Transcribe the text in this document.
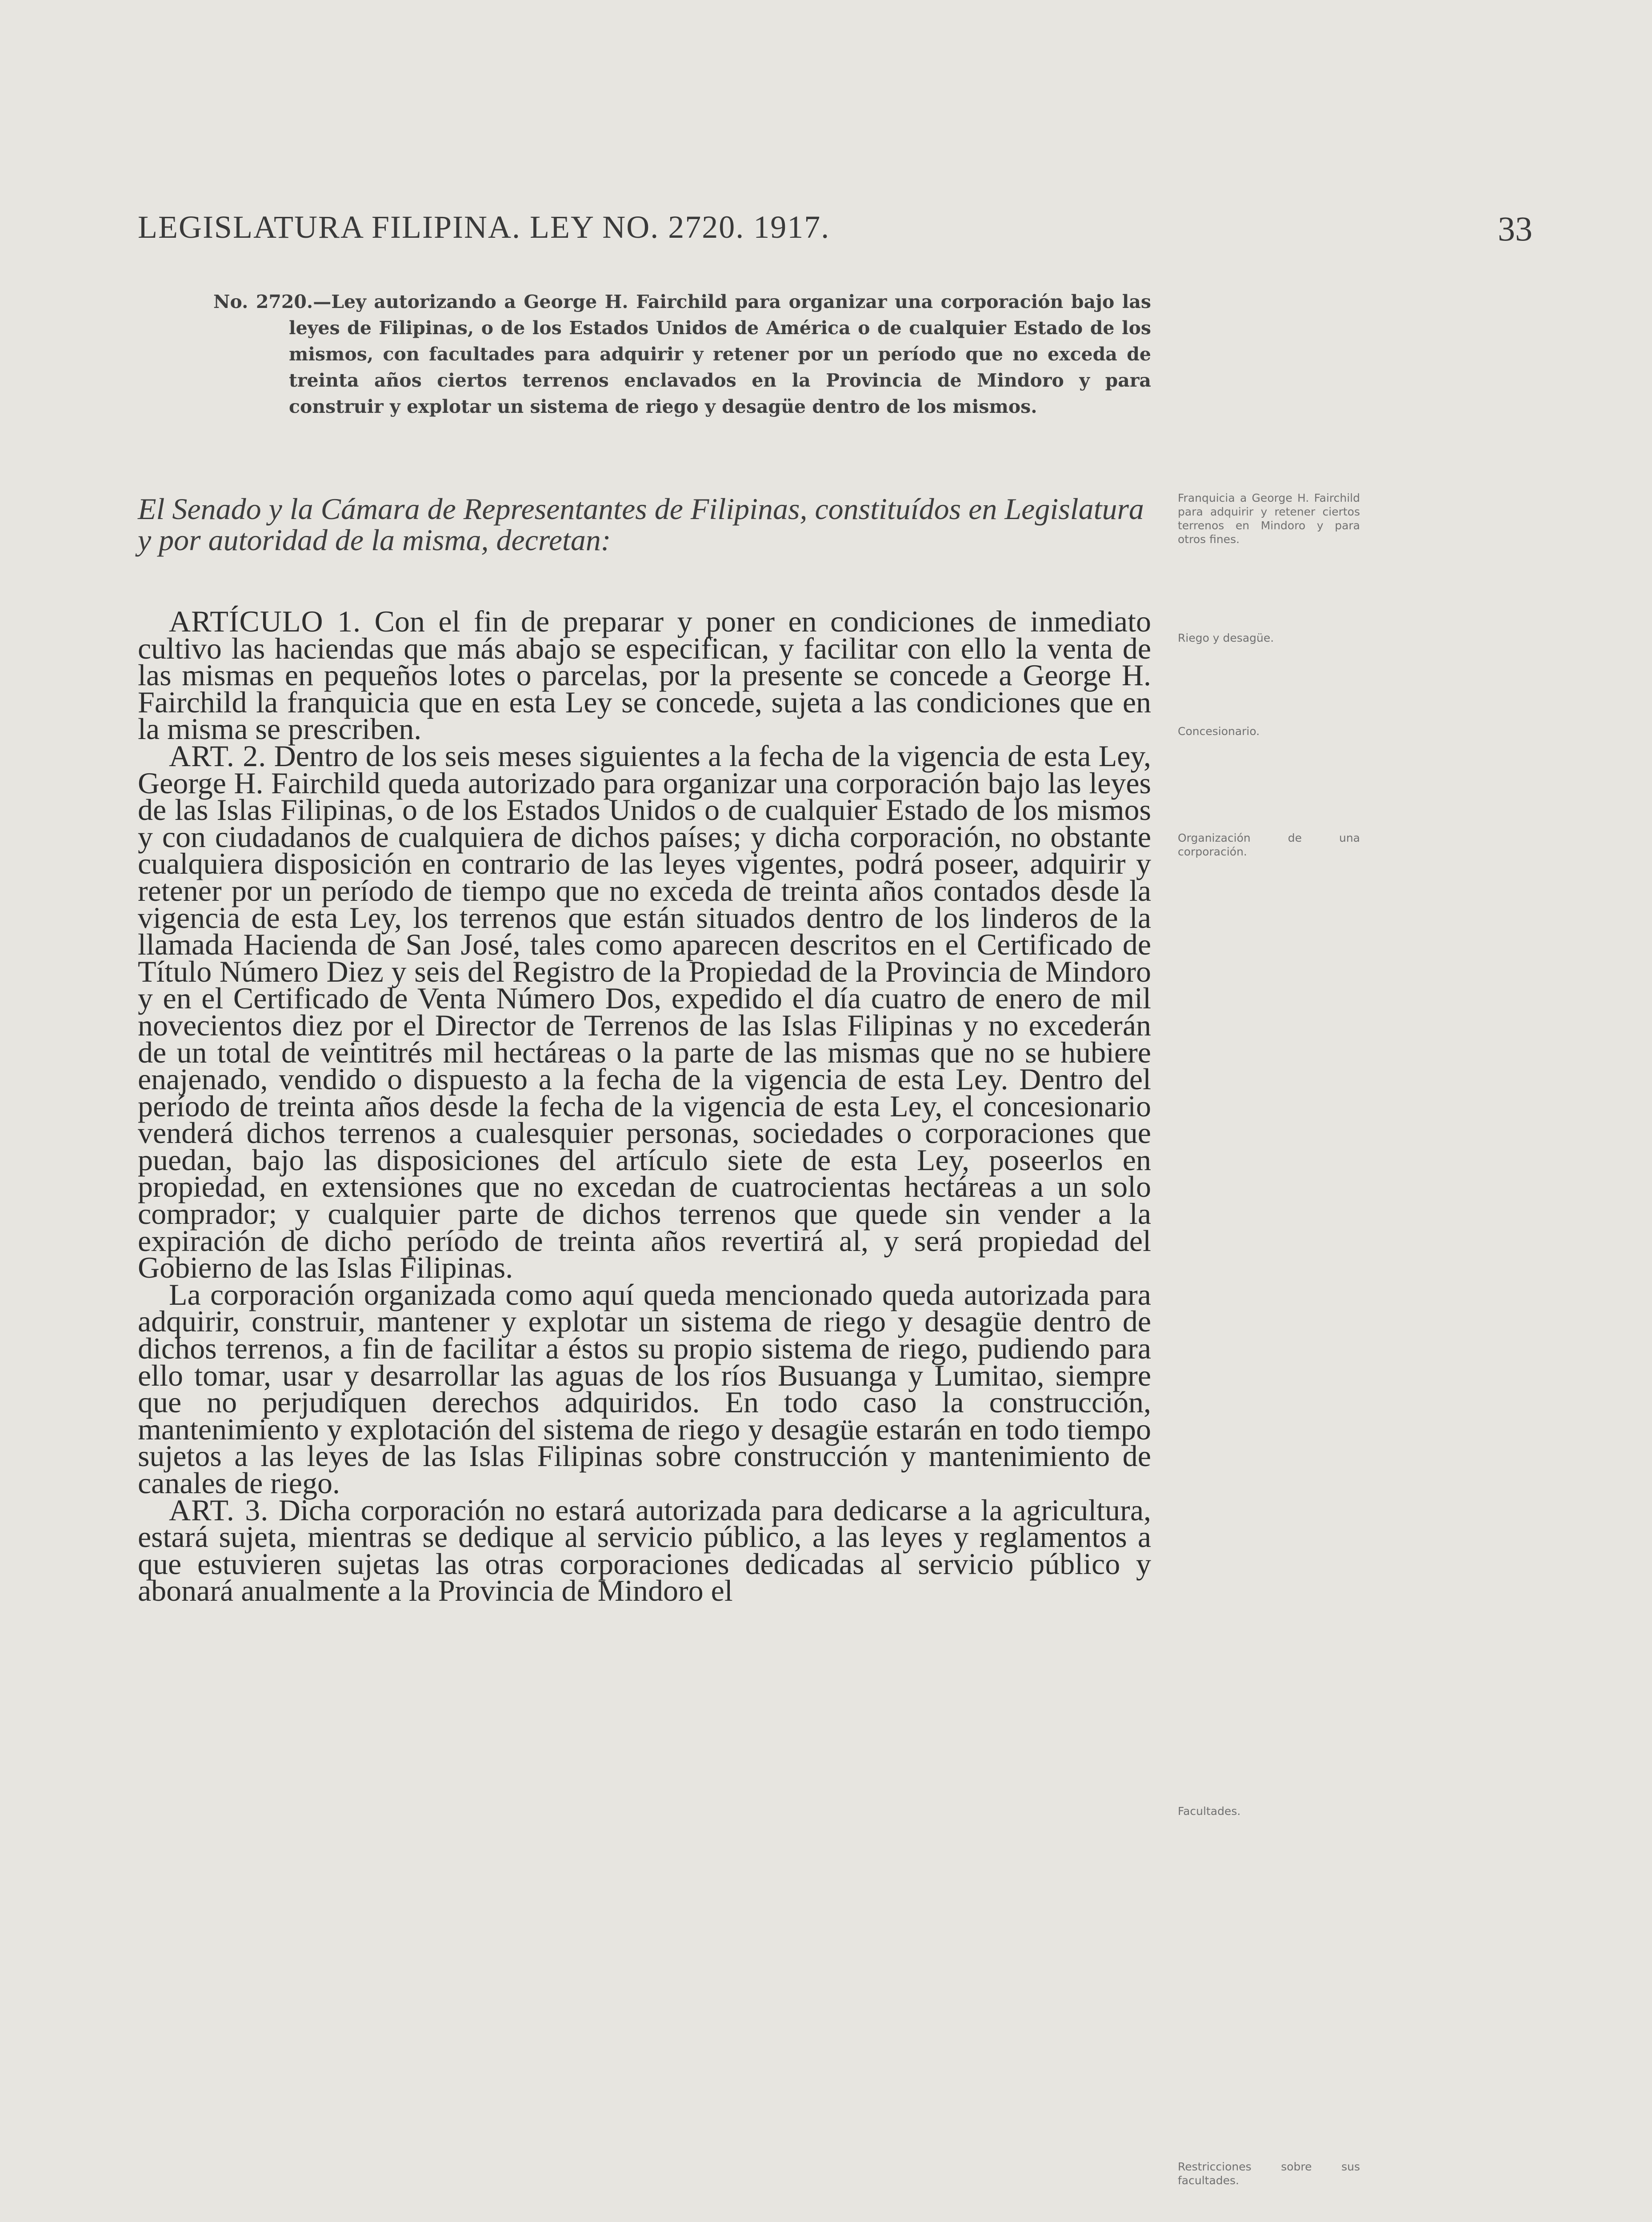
LEGISLATURA FILIPINA. LEY NO. 2720. 1917.	33
No. 2720.—Ley autorizando a George H. Fairchild para organizar una corporación bajo las leyes de Filipinas, o de los Estados Unidos de América o de cualquier Estado de los mismos, con facultades para adquirir y retener por un período que no exceda de treinta años ciertos terrenos enclavados en la Provincia de Mindoro y para construir y explotar un sistema de riego y desagüe dentro de los mismos.
El Senado y la Cámara de Representantes de Filipinas, constituídos en Legislatura y por autoridad de la misma, decretan:

ARTÍCULO 1. Con el fin de preparar y poner en condiciones de inmediato cultivo las haciendas que más abajo se especifican, y facilitar con ello la venta de las mismas en pequeños lotes o parcelas, por la presente se concede a George H. Fairchild la franquicia que en esta Ley se concede, sujeta a las condiciones que en la misma se prescriben.

ART. 2. Dentro de los seis meses siguientes a la fecha de la vigencia de esta Ley, George H. Fairchild queda autorizado para organizar una corporación bajo las leyes de las Islas Filipinas, o de los Estados Unidos o de cualquier Estado de los mismos y con ciudadanos de cualquiera de dichos países; y dicha corporación, no obstante cualquiera disposición en contrario de las leyes vigentes, podrá poseer, adquirir y retener por un período de tiempo que no exceda de treinta años contados desde la vigencia de esta Ley, los terrenos que están situados dentro de los linderos de la llamada Hacienda de San José, tales como aparecen descritos en el Certificado de Título Número Diez y seis del Registro de la Propiedad de la Provincia de Mindoro y en el Certificado de Venta Número Dos, expedido el día cuatro de enero de mil novecientos diez por el Director de Terrenos de las Islas Filipinas y no excederán de un total de veintitrés mil hectáreas o la parte de las mismas que no se hubiere enajenado, vendido o dispuesto a la fecha de la vigencia de esta Ley. Dentro del período de treinta años desde la fecha de la vigencia de esta Ley, el concesionario venderá dichos terrenos a cualesquier personas, sociedades o corporaciones que puedan, bajo las disposiciones del artículo siete de esta Ley, poseerlos en propiedad, en extensiones que no excedan de cuatrocientas hectáreas a un solo comprador; y cualquier parte de dichos terrenos que quede sin vender a la expiración de dicho período de treinta años revertirá al, y será propiedad del Gobierno de las Islas Filipinas.

La corporación organizada como aquí queda mencionado queda autorizada para adquirir, construir, mantener y explotar un sistema de riego y desagüe dentro de dichos terrenos, a fin de facilitar a éstos su propio sistema de riego, pudiendo para ello tomar, usar y desarrollar las aguas de los ríos Busuanga y Lumitao, siempre que no perjudiquen derechos adquiridos. En todo caso la construcción, mantenimiento y explotación del sistema de riego y desagüe estarán en todo tiempo sujetos a las leyes de las Islas Filipinas sobre construcción y mantenimiento de canales de riego.

ART. 3. Dicha corporación no estará autorizada para dedicarse a la agricultura, estará sujeta, mientras se dedique al servicio público, a las leyes y reglamentos a que estuvieren sujetas las otras corporaciones dedicadas al servicio público y abonará anualmente a la Provincia de Mindoro el

Franquicia a George H. Fairchild para adquirir y retener ciertos terrenos en Mindoro y para otros fines.
Riego y desagüe.
Concesionario.
Organización de una corporación.
Facultades.
Restricciones sobre sus facultades.
